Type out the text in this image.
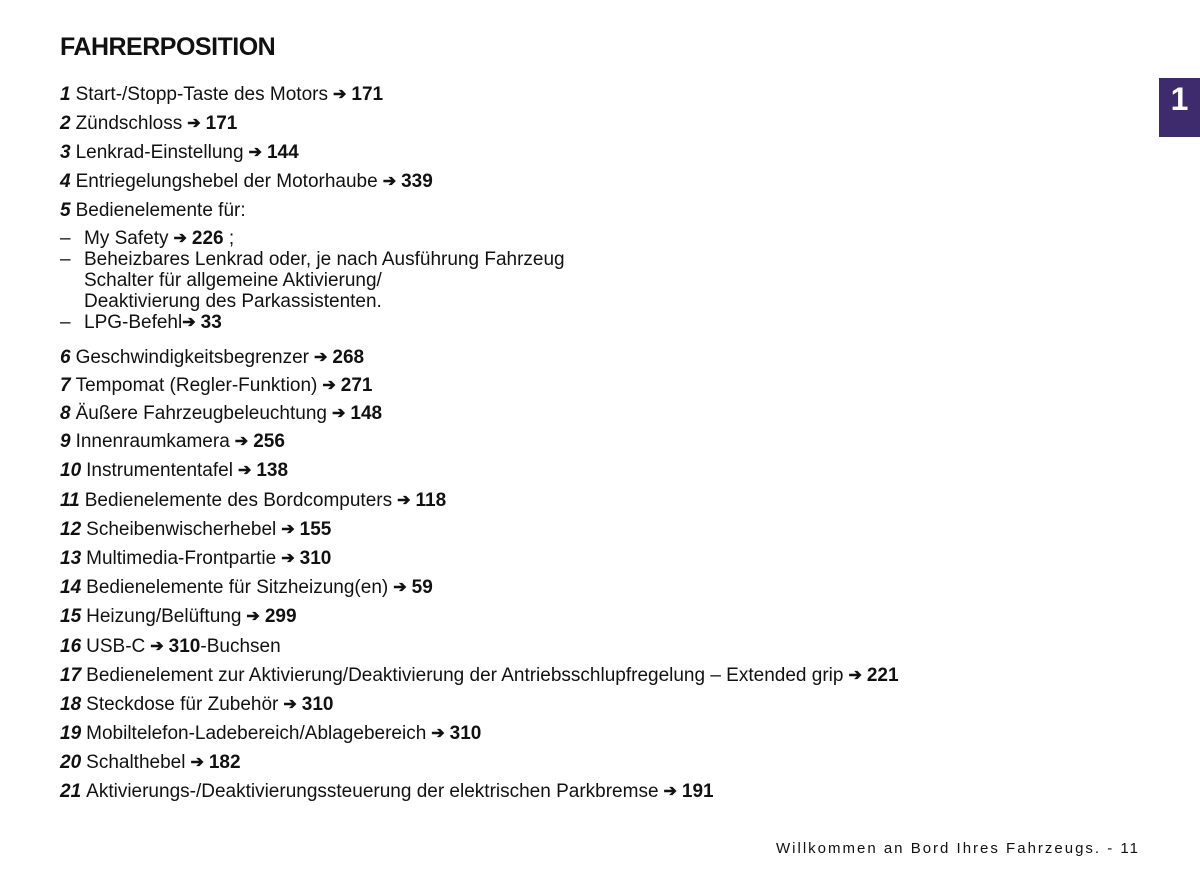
FAHRERPOSITION
1
1 Start-/Stopp-Taste des Motors ➔ 171
2 Zündschloss ➔ 171
3 Lenkrad-Einstellung ➔ 144
4 Entriegelungshebel der Motorhaube ➔ 339
5 Bedienelemente für:
– My Safety ➔ 226 ;
– Beheizbares Lenkrad oder, je nach Ausführung Fahrzeug
Schalter für allgemeine Aktivierung/
Deaktivierung des Parkassistenten.
– LPG-Befehl➔ 33
6 Geschwindigkeitsbegrenzer ➔ 268
7 Tempomat (Regler-Funktion) ➔ 271
8 Äußere Fahrzeugbeleuchtung ➔ 148
9 Innenraumkamera ➔ 256
10 Instrumententafel ➔ 138
11 Bedienelemente des Bordcomputers ➔ 118
12 Scheibenwischerhebel ➔ 155
13 Multimedia-Frontpartie ➔ 310
14 Bedienelemente für Sitzheizung(en) ➔ 59
15 Heizung/Belüftung ➔ 299
16 USB-C ➔ 310-Buchsen
17 Bedienelement zur Aktivierung/Deaktivierung der Antriebsschlupfregelung – Extended grip ➔ 221
18 Steckdose für Zubehör ➔ 310
19 Mobiltelefon-Ladebereich/Ablagebereich ➔ 310
20 Schalthebel ➔ 182
21 Aktivierungs-/Deaktivierungssteuerung der elektrischen Parkbremse ➔ 191
Willkommen an Bord Ihres Fahrzeugs. - 11
